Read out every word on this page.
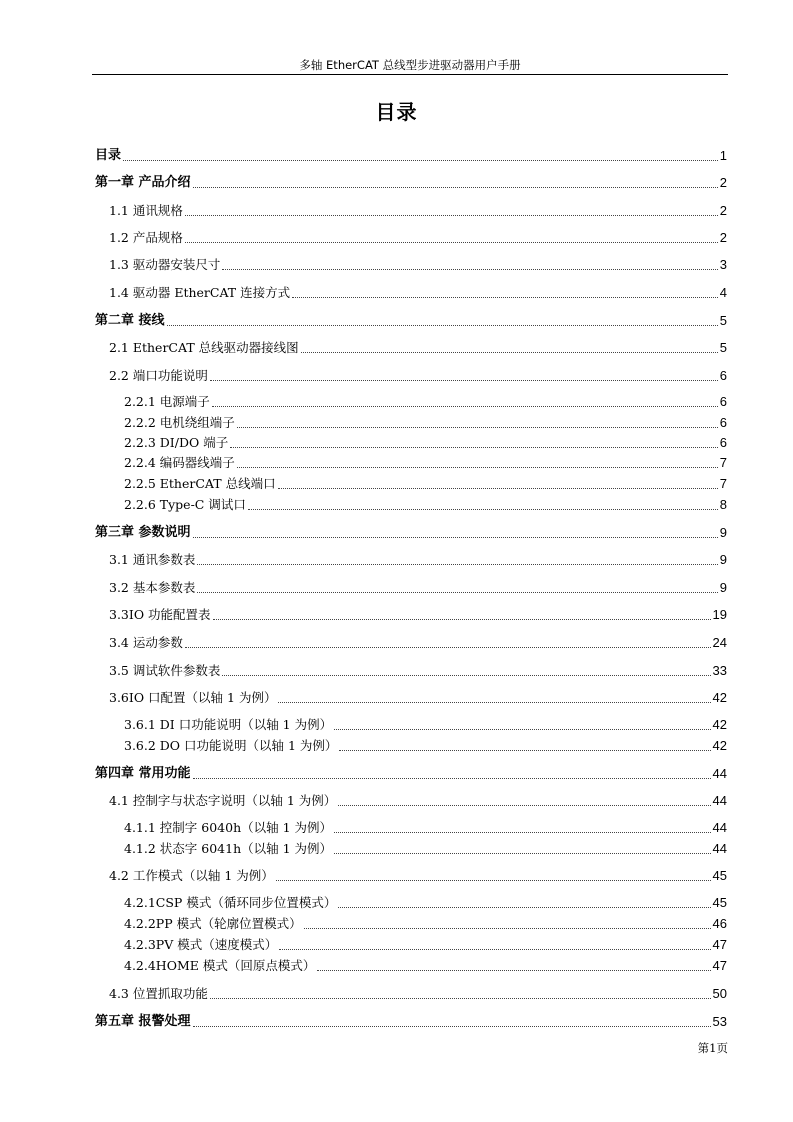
多轴 EtherCAT 总线型步进驱动器用户手册
目录
目录	1
第一章 产品介绍	2
1.1 通讯规格	2
1.2 产品规格	2
1.3 驱动器安装尺寸	3
1.4 驱动器 EtherCAT 连接方式	4
第二章 接线	5
2.1 EtherCAT 总线驱动器接线图	5
2.2 端口功能说明	6
2.2.1 电源端子	6
2.2.2 电机绕组端子	6
2.2.3 DI/DO 端子	6
2.2.4 编码器线端子	7
2.2.5 EtherCAT 总线端口	7
2.2.6 Type-C 调试口	8
第三章 参数说明	9
3.1 通讯参数表	9
3.2 基本参数表	9
3.3IO 功能配置表	19
3.4 运动参数	24
3.5 调试软件参数表	33
3.6IO 口配置（以轴 1 为例）	42
3.6.1 DI 口功能说明（以轴 1 为例）	42
3.6.2 DO 口功能说明（以轴 1 为例）	42
第四章 常用功能	44
4.1 控制字与状态字说明（以轴 1 为例）	44
4.1.1 控制字 6040h（以轴 1 为例）	44
4.1.2 状态字 6041h（以轴 1 为例）	44
4.2 工作模式（以轴 1 为例）	45
4.2.1CSP 模式（循环同步位置模式）	45
4.2.2PP 模式（轮廓位置模式）	46
4.2.3PV 模式（速度模式）	47
4.2.4HOME 模式（回原点模式）	47
4.3 位置抓取功能	50
第五章 报警处理	53
第1页
